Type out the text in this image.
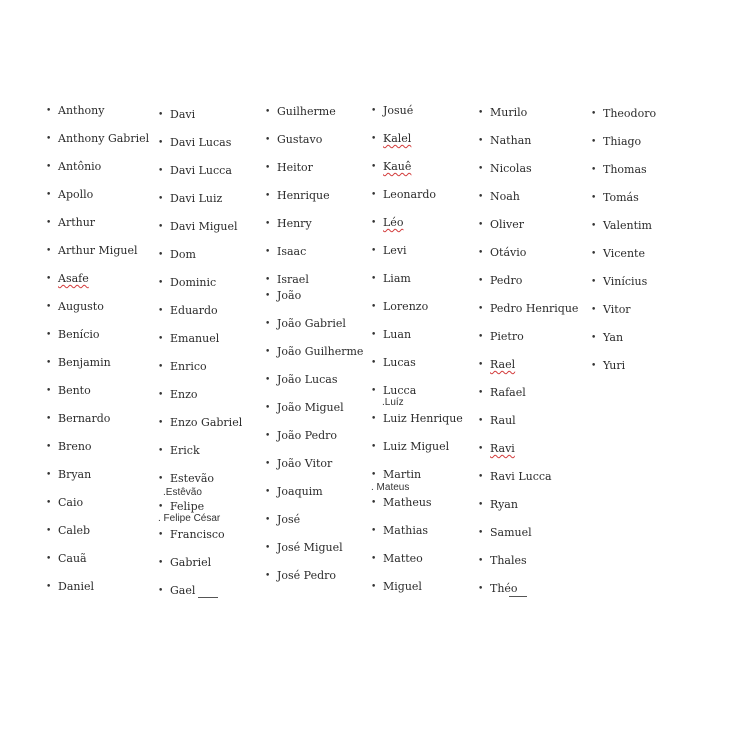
• Anthony
• Anthony Gabriel
• Antônio
• Apollo
• Arthur
• Arthur Miguel
• Asafe
• Augusto
• Benício
• Benjamin
• Bento
• Bernardo
• Breno
• Bryan
• Caio
• Caleb
• Cauã
• Daniel
• Davi
• Davi Lucas
• Davi Lucca
• Davi Luiz
• Davi Miguel
• Dom
• Dominic
• Eduardo
• Emanuel
• Enrico
• Enzo
• Enzo Gabriel
• Erick
• Estevão
• Felipe
• Francisco
• Gabriel
• Gael
.Estêvão
. Felipe César
• Guilherme
• Gustavo
• Heitor
• Henrique
• Henry
• Isaac
• Israel
• João
• João Gabriel
• João Guilherme
• João Lucas
• João Miguel
• João Pedro
• João Vitor
• Joaquim
• José
• José Miguel
• José Pedro
• Josué
• Kalel
• Kauê
• Leonardo
• Léo
• Levi
• Liam
• Lorenzo
• Luan
• Lucas
• Lucca
• Luiz Henrique
• Luiz Miguel
• Martin
• Matheus
• Mathias
• Matteo
• Miguel
.Luíz
. Mateus
• Murilo
• Nathan
• Nicolas
• Noah
• Oliver
• Otávio
• Pedro
• Pedro Henrique
• Pietro
• Rael
• Rafael
• Raul
• Ravi
• Ravi Lucca
• Ryan
• Samuel
• Thales
• Théo
• Theodoro
• Thiago
• Thomas
• Tomás
• Valentim
• Vicente
• Vinícius
• Vitor
• Yan
• Yuri
